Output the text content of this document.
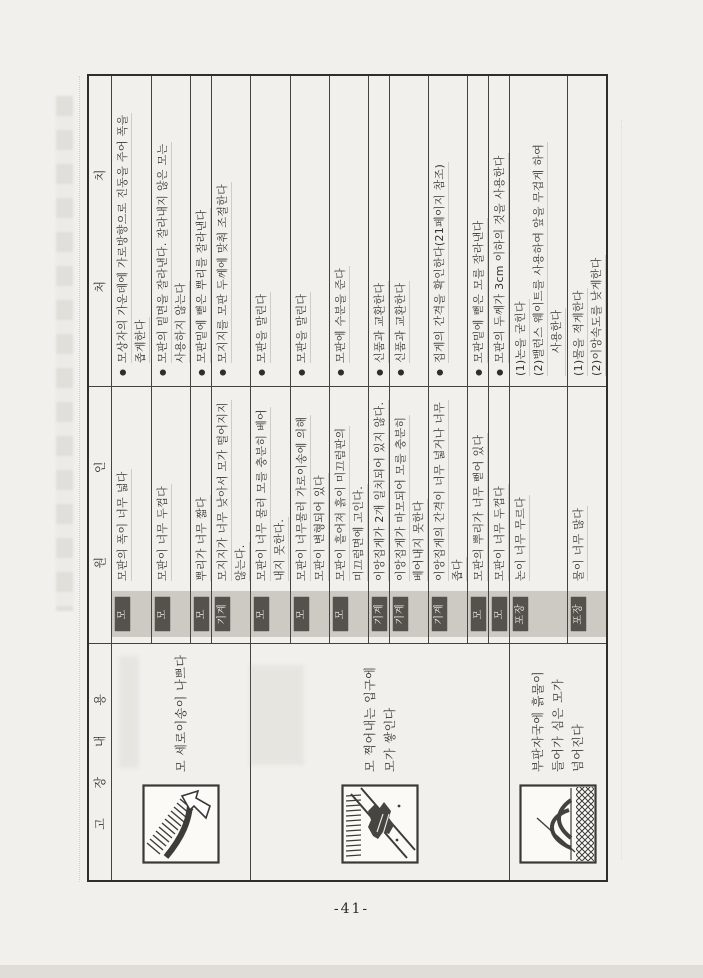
고 장 내 용
원 인
처 치
모 세로이송이 나쁘다
모
모판의 폭이 너무 넓다
●
모상자의 가운데에 가로방향으로 진동을 주어 폭을 좁게한다
모
모판이 너무 두껍다
●
모판의 밑면을 잘라낸다. 잘라내지 않은 모는 사용하지 않는다
모
뿌리가 너무 짧다
●
모판밑에 뻗은 뿌리를 잘라낸다
기계
모지지가 너무 낮아서 모가 떨어지지 않는다.
●
모지지를 모판 두께에 맞춰 조절한다
모 찍어내는 입구에 모가 쌓인다
모
모판이 너무 물러 모를 충분히 베어 내지 못한다.
●
모판을 말린다
모
모판이 너무물러 가로이송에 의해 모판이 변형되어 있다
●
모판을 말린다
모
모판이 흩어져 흙이 미끄럼판의 미끄럼면에 고인다.
●
모판에 수분을 준다
기계
이앙집게가 2개 일치되어 있지 않다.
●
신품과 교환한다
기계
이앙집게가 마모되어 모를 충분히 베어내지 못한다
●
신품과 교환한다
기계
이앙집게의 간격이 너무 넓거나 너무 좁다
●
집게의 간격을 확인한다(21페이지 참조)
모
모판의 뿌리가 너무 뻗어 있다
●
모판밑에 뻗은 모를 잘라낸다
모
모판이 너무 두껍다
●
모판의 두께가 3cm 이하의 것을 사용한다
부판자국에 흙물이 들어가 심은 모가 넘어진다
포장
논이 너무 무르다
(1)논을 굳힌다 (2)밸런스 웨이트를 사용하여 앞을 무겁게 하여 사용한다
포장
물이 너무 많다
(1)물을 적게한다 (2)이앙속도를 낮게한다
-41-
